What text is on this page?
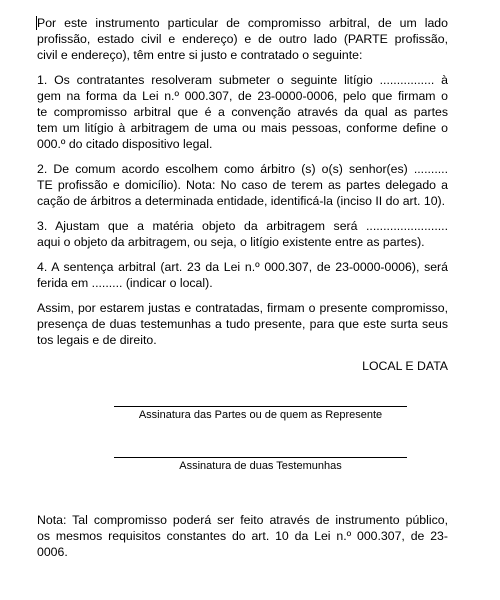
Por este instrumento particular de compromisso arbitral, de um lado
profissão, estado civil e endereço) e de outro lado (PARTE profissão,
civil e endereço), têm entre si justo e contratado o seguinte:
1. Os contratantes resolveram submeter o seguinte litígio ................ à
gem na forma da Lei n.º 000.307, de 23-0000-0006, pelo que firmam o
te compromisso arbitral que é a convenção através da qual as partes
tem um litígio à arbitragem de uma ou mais pessoas, conforme define o
000.º do citado dispositivo legal.
2. De comum acordo escolhem como árbitro (s) o(s) senhor(es) ..........
TE profissão e domicílio). Nota: No caso de terem as partes delegado a
cação de árbitros a determinada entidade, identificá-la (inciso II do art. 10).
3. Ajustam que a matéria objeto da arbitragem será ........................
aqui o objeto da arbitragem, ou seja, o litígio existente entre as partes).
4. A sentença arbitral (art. 23 da Lei n.º 000.307, de 23-0000-0006), será
ferida em ......... (indicar o local).
Assim, por estarem justas e contratadas, firmam o presente compromisso,
presença de duas testemunhas a tudo presente, para que este surta seus
tos legais e de direito.
LOCAL E DATA
Assinatura das Partes ou de quem as Represente
Assinatura de duas Testemunhas
Nota: Tal compromisso poderá ser feito através de instrumento público,
os mesmos requisitos constantes do art. 10 da Lei n.º 000.307, de 23-
0006.
